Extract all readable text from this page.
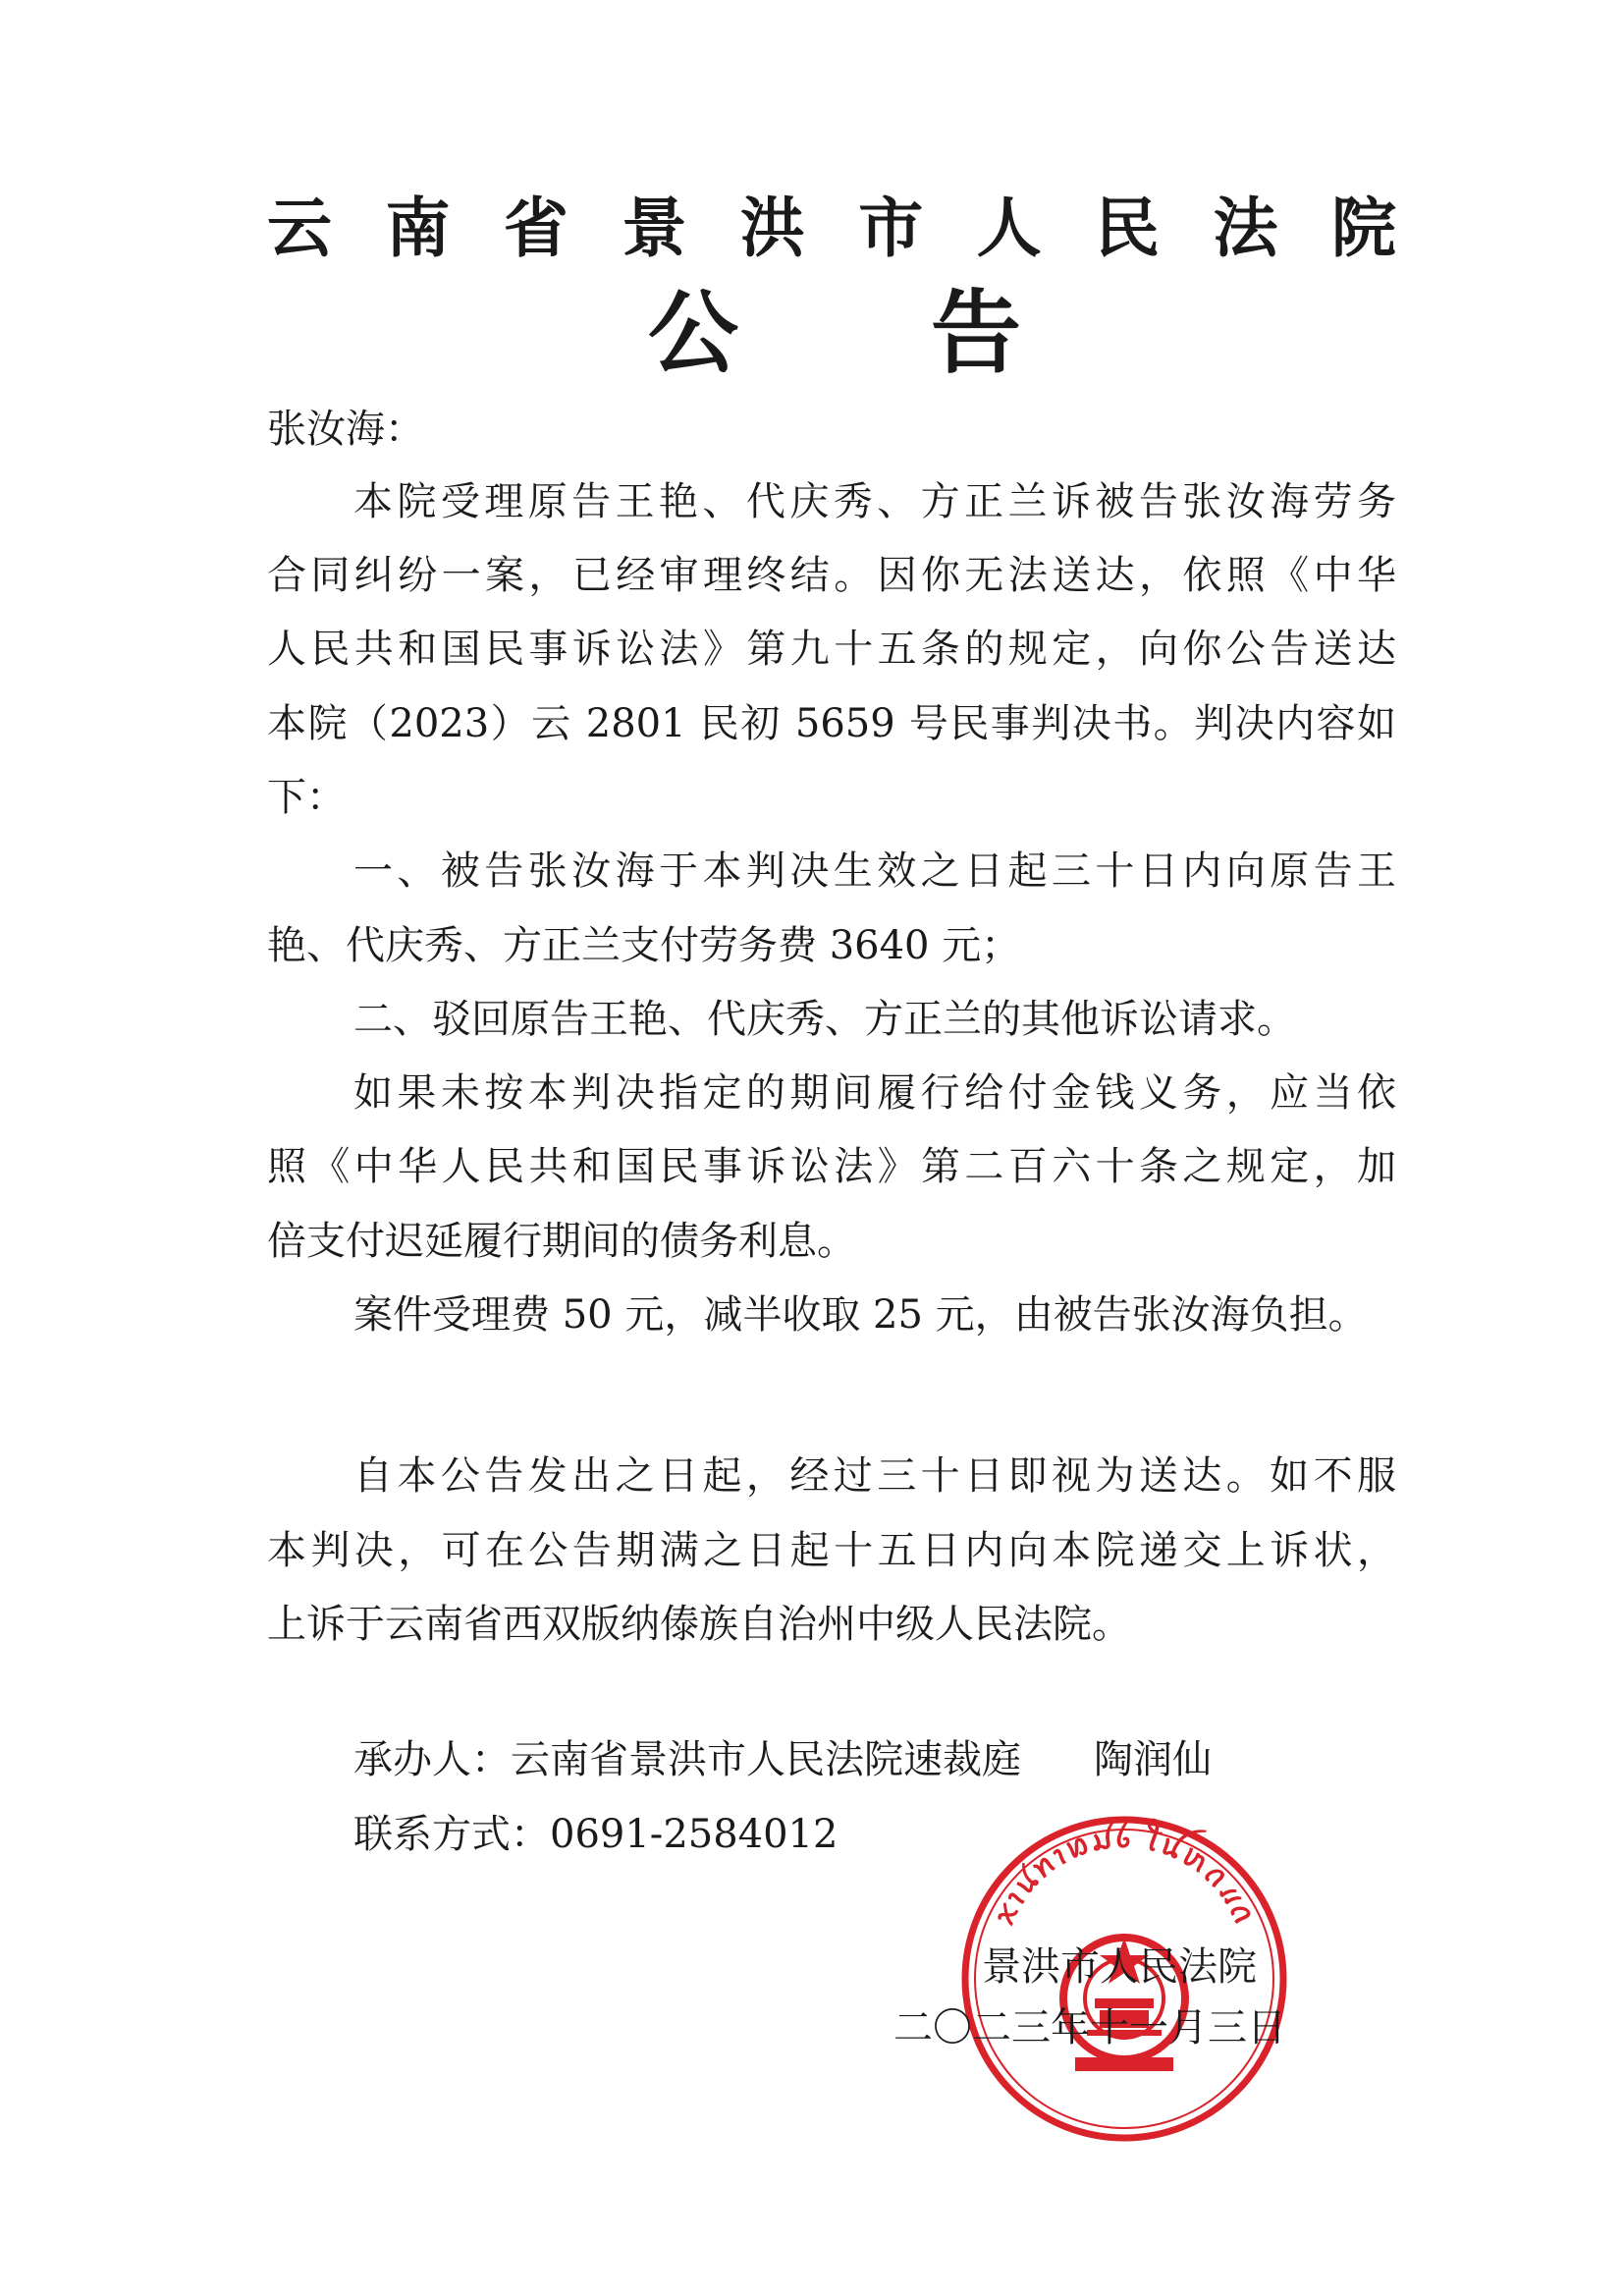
云 南 省 景 洪 市 人 民 法 院
公 告
张汝海：
本院受理原告王艳、代庆秀、方正兰诉被告张汝海劳务
合同纠纷一案，已经审理终结。因你无法送达，依照《中华
人民共和国民事诉讼法》第九十五条的规定，向你公告送达
本院（2023）云 2801 民初 5659 号民事判决书。判决内容如
下：
一、被告张汝海于本判决生效之日起三十日内向原告王
艳、代庆秀、方正兰支付劳务费 3640 元；
二、驳回原告王艳、代庆秀、方正兰的其他诉讼请求。
如果未按本判决指定的期间履行给付金钱义务，应当依
照《中华人民共和国民事诉讼法》第二百六十条之规定，加
倍支付迟延履行期间的债务利息。
案件受理费 50 元，减半收取 25 元，由被告张汝海负担。
自本公告发出之日起，经过三十日即视为送达。如不服
本判决，可在公告期满之日起十五日内向本院递交上诉状，
上诉于云南省西双版纳傣族自治州中级人民法院。
承办人：云南省景洪市人民法院速裁庭 陶润仙
联系方式：0691-2584012
ꪎꪱꪙꪀꪱꪭꪣꪉ ꪻꪊꪬꪒꪵꪒ
景洪市人民法院
二〇二三年十一月三日
